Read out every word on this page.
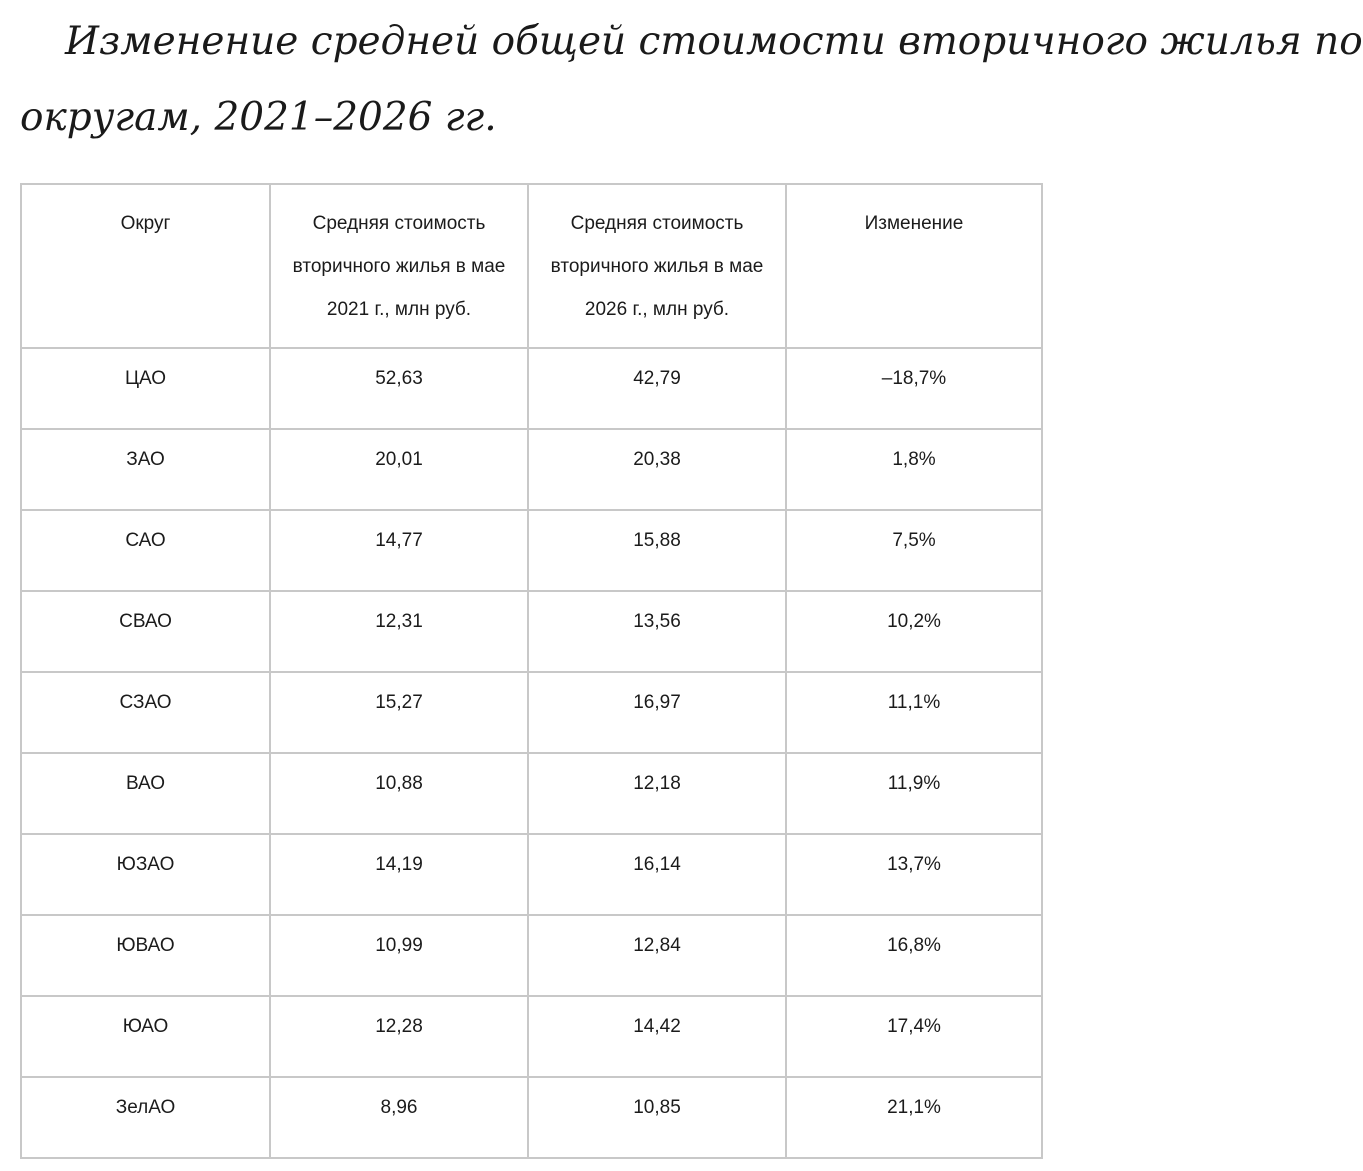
Изменение средней общей стоимости вторичного жилья по
округам, 2021–2026 гг.
Округ	Средняя стоимость вторичного жилья в мае 2021 г., млн руб.	Средняя стоимость вторичного жилья в мае 2026 г., млн руб.	Изменение
ЦАО	52,63	42,79	–18,7%
ЗАО	20,01	20,38	1,8%
САО	14,77	15,88	7,5%
СВАО	12,31	13,56	10,2%
СЗАО	15,27	16,97	11,1%
ВАО	10,88	12,18	11,9%
ЮЗАО	14,19	16,14	13,7%
ЮВАО	10,99	12,84	16,8%
ЮАО	12,28	14,42	17,4%
ЗелАО	8,96	10,85	21,1%
